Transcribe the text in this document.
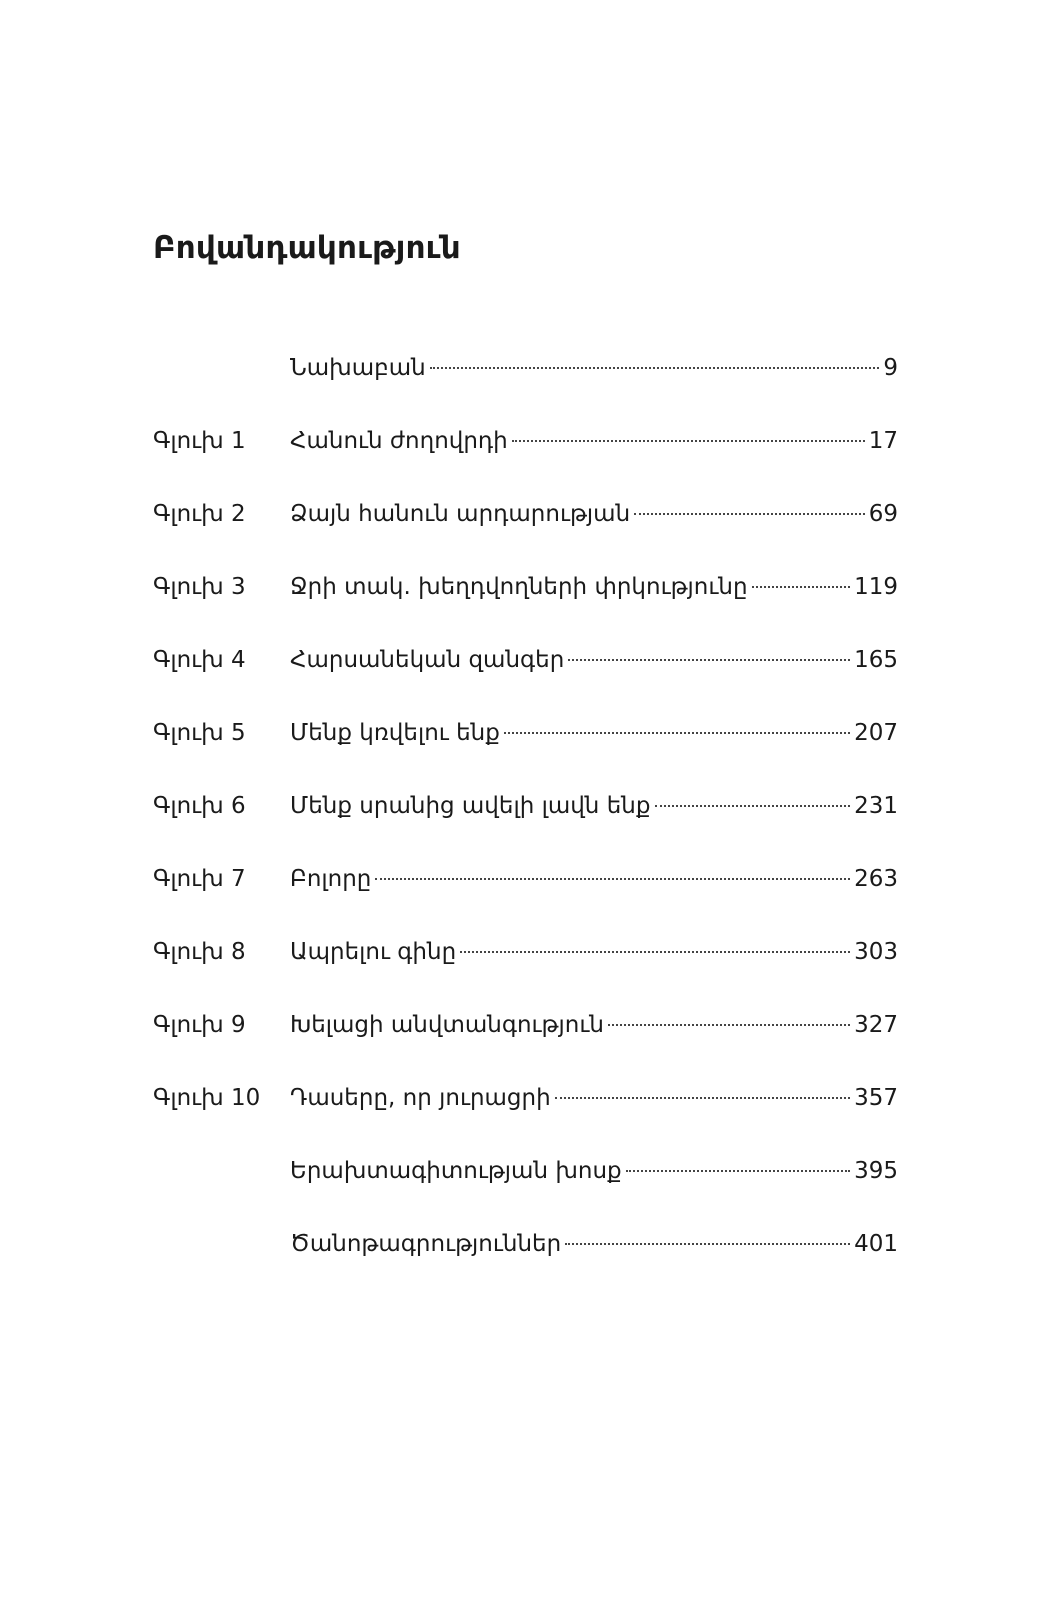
Բովանդակություն
Նախաբան	9
Գլուխ 1 Հանուն ժողովրդի	17
Գլուխ 2 Ձայն հանուն արդարության	69
Գլուխ 3 Ջրի տակ. խեղդվողների փրկությունը	119
Գլուխ 4 Հարսանեկան զանգեր	165
Գլուխ 5 Մենք կռվելու ենք	207
Գլուխ 6 Մենք սրանից ավելի լավն ենք	231
Գլուխ 7 Բոլորը	263
Գլուխ 8 Ապրելու գինը	303
Գլուխ 9 Խելացի անվտանգություն	327
Գլուխ 10 Դասերը, որ յուրացրի	357
Երախտագիտության խոսք	395
Ծանոթագրություններ	401
